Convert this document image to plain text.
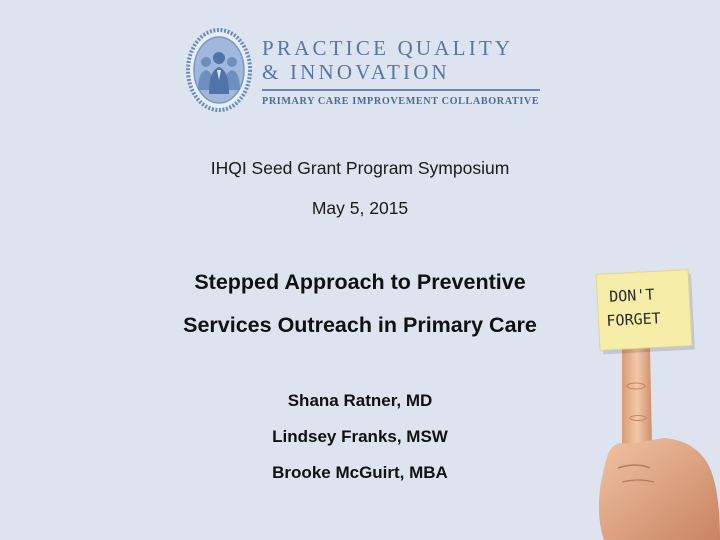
PRACTICE QUALITY
& INNOVATION
PRIMARY CARE IMPROVEMENT COLLABORATIVE
IHQI Seed Grant Program Symposium
May 5, 2015
Stepped Approach to Preventive
Services Outreach in Primary Care
Shana Ratner, MD
Lindsey Franks, MSW
Brooke McGuirt, MBA
DON'T
FORGET
